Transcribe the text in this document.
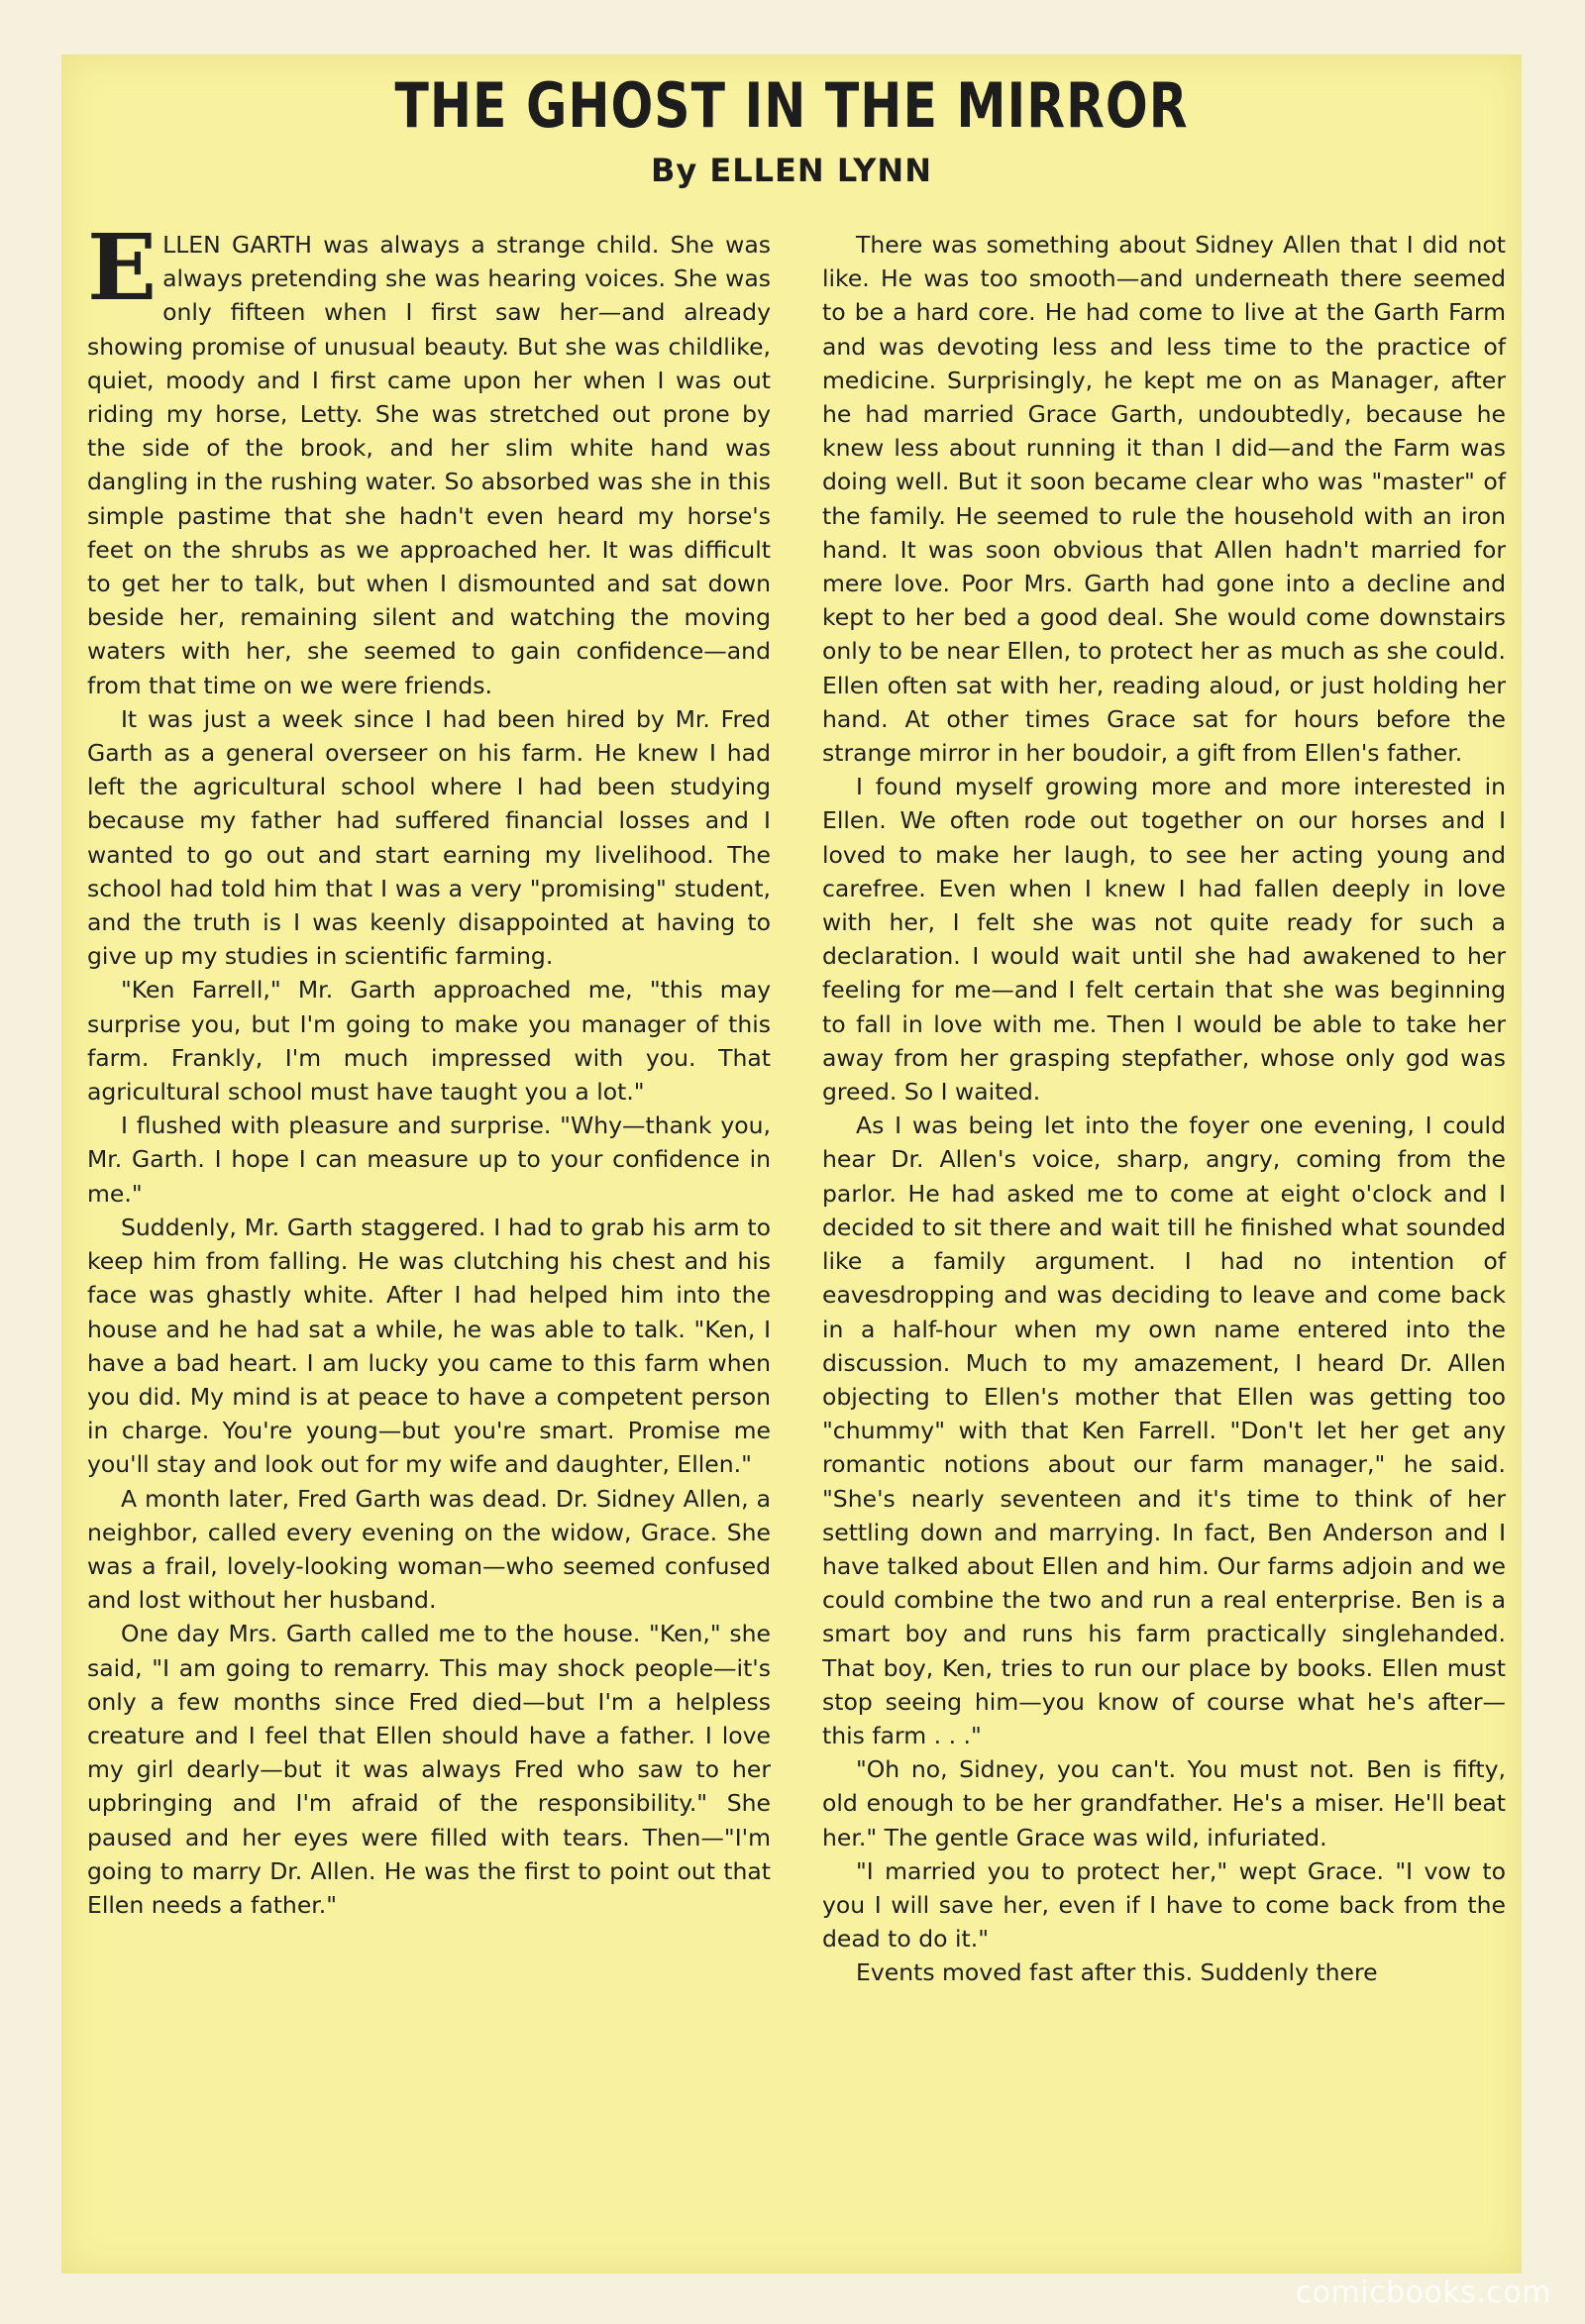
THE GHOST IN THE MIRROR
By ELLEN LYNN

ELLEN GARTH was always a strange child. She was always pretending she was hearing voices. She was only fifteen when I first saw her—and already showing promise of unusual beauty. But she was childlike, quiet, moody and I first came upon her when I was out riding my horse, Letty. She was stretched out prone by the side of the brook, and her slim white hand was dangling in the rushing water. So absorbed was she in this simple pastime that she hadn't even heard my horse's feet on the shrubs as we approached her. It was difficult to get her to talk, but when I dismounted and sat down beside her, remaining silent and watching the moving waters with her, she seemed to gain confidence—and from that time on we were friends.

It was just a week since I had been hired by Mr. Fred Garth as a general overseer on his farm. He knew I had left the agricultural school where I had been studying because my father had suffered financial losses and I wanted to go out and start earning my livelihood. The school had told him that I was a very "promising" student, and the truth is I was keenly disappointed at having to give up my studies in scientific farming.

"Ken Farrell," Mr. Garth approached me, "this may surprise you, but I'm going to make you manager of this farm. Frankly, I'm much impressed with you. That agricultural school must have taught you a lot."

I flushed with pleasure and surprise. "Why—thank you, Mr. Garth. I hope I can measure up to your confidence in me."

Suddenly, Mr. Garth staggered. I had to grab his arm to keep him from falling. He was clutching his chest and his face was ghastly white. After I had helped him into the house and he had sat a while, he was able to talk. "Ken, I have a bad heart. I am lucky you came to this farm when you did. My mind is at peace to have a competent person in charge. You're young—but you're smart. Promise me you'll stay and look out for my wife and daughter, Ellen."

A month later, Fred Garth was dead. Dr. Sidney Allen, a neighbor, called every evening on the widow, Grace. She was a frail, lovely-looking woman—who seemed confused and lost without her husband.

One day Mrs. Garth called me to the house. "Ken," she said, "I am going to remarry. This may shock people—it's only a few months since Fred died—but I'm a helpless creature and I feel that Ellen should have a father. I love my girl dearly—but it was always Fred who saw to her upbringing and I'm afraid of the responsibility." She paused and her eyes were filled with tears. Then—"I'm going to marry Dr. Allen. He was the first to point out that Ellen needs a father."

There was something about Sidney Allen that I did not like. He was too smooth—and underneath there seemed to be a hard core. He had come to live at the Garth Farm and was devoting less and less time to the practice of medicine. Surprisingly, he kept me on as Manager, after he had married Grace Garth, undoubtedly, because he knew less about running it than I did—and the Farm was doing well. But it soon became clear who was "master" of the family. He seemed to rule the household with an iron hand. It was soon obvious that Allen hadn't married for mere love. Poor Mrs. Garth had gone into a decline and kept to her bed a good deal. She would come downstairs only to be near Ellen, to protect her as much as she could. Ellen often sat with her, reading aloud, or just holding her hand. At other times Grace sat for hours before the strange mirror in her boudoir, a gift from Ellen's father.

I found myself growing more and more interested in Ellen. We often rode out together on our horses and I loved to make her laugh, to see her acting young and carefree. Even when I knew I had fallen deeply in love with her, I felt she was not quite ready for such a declaration. I would wait until she had awakened to her feeling for me—and I felt certain that she was beginning to fall in love with me. Then I would be able to take her away from her grasping stepfather, whose only god was greed. So I waited.

As I was being let into the foyer one evening, I could hear Dr. Allen's voice, sharp, angry, coming from the parlor. He had asked me to come at eight o'clock and I decided to sit there and wait till he finished what sounded like a family argument. I had no intention of eavesdropping and was deciding to leave and come back in a half-hour when my own name entered into the discussion. Much to my amazement, I heard Dr. Allen objecting to Ellen's mother that Ellen was getting too "chummy" with that Ken Farrell. "Don't let her get any romantic notions about our farm manager," he said. "She's nearly seventeen and it's time to think of her settling down and marrying. In fact, Ben Anderson and I have talked about Ellen and him. Our farms adjoin and we could combine the two and run a real enterprise. Ben is a smart boy and runs his farm practically singlehanded. That boy, Ken, tries to run our place by books. Ellen must stop seeing him—you know of course what he's after—this farm . . ."

"Oh no, Sidney, you can't. You must not. Ben is fifty, old enough to be her grandfather. He's a miser. He'll beat her." The gentle Grace was wild, infuriated.

"I married you to protect her," wept Grace. "I vow to you I will save her, even if I have to come back from the dead to do it."

Events moved fast after this. Suddenly there

comicbooks.com
